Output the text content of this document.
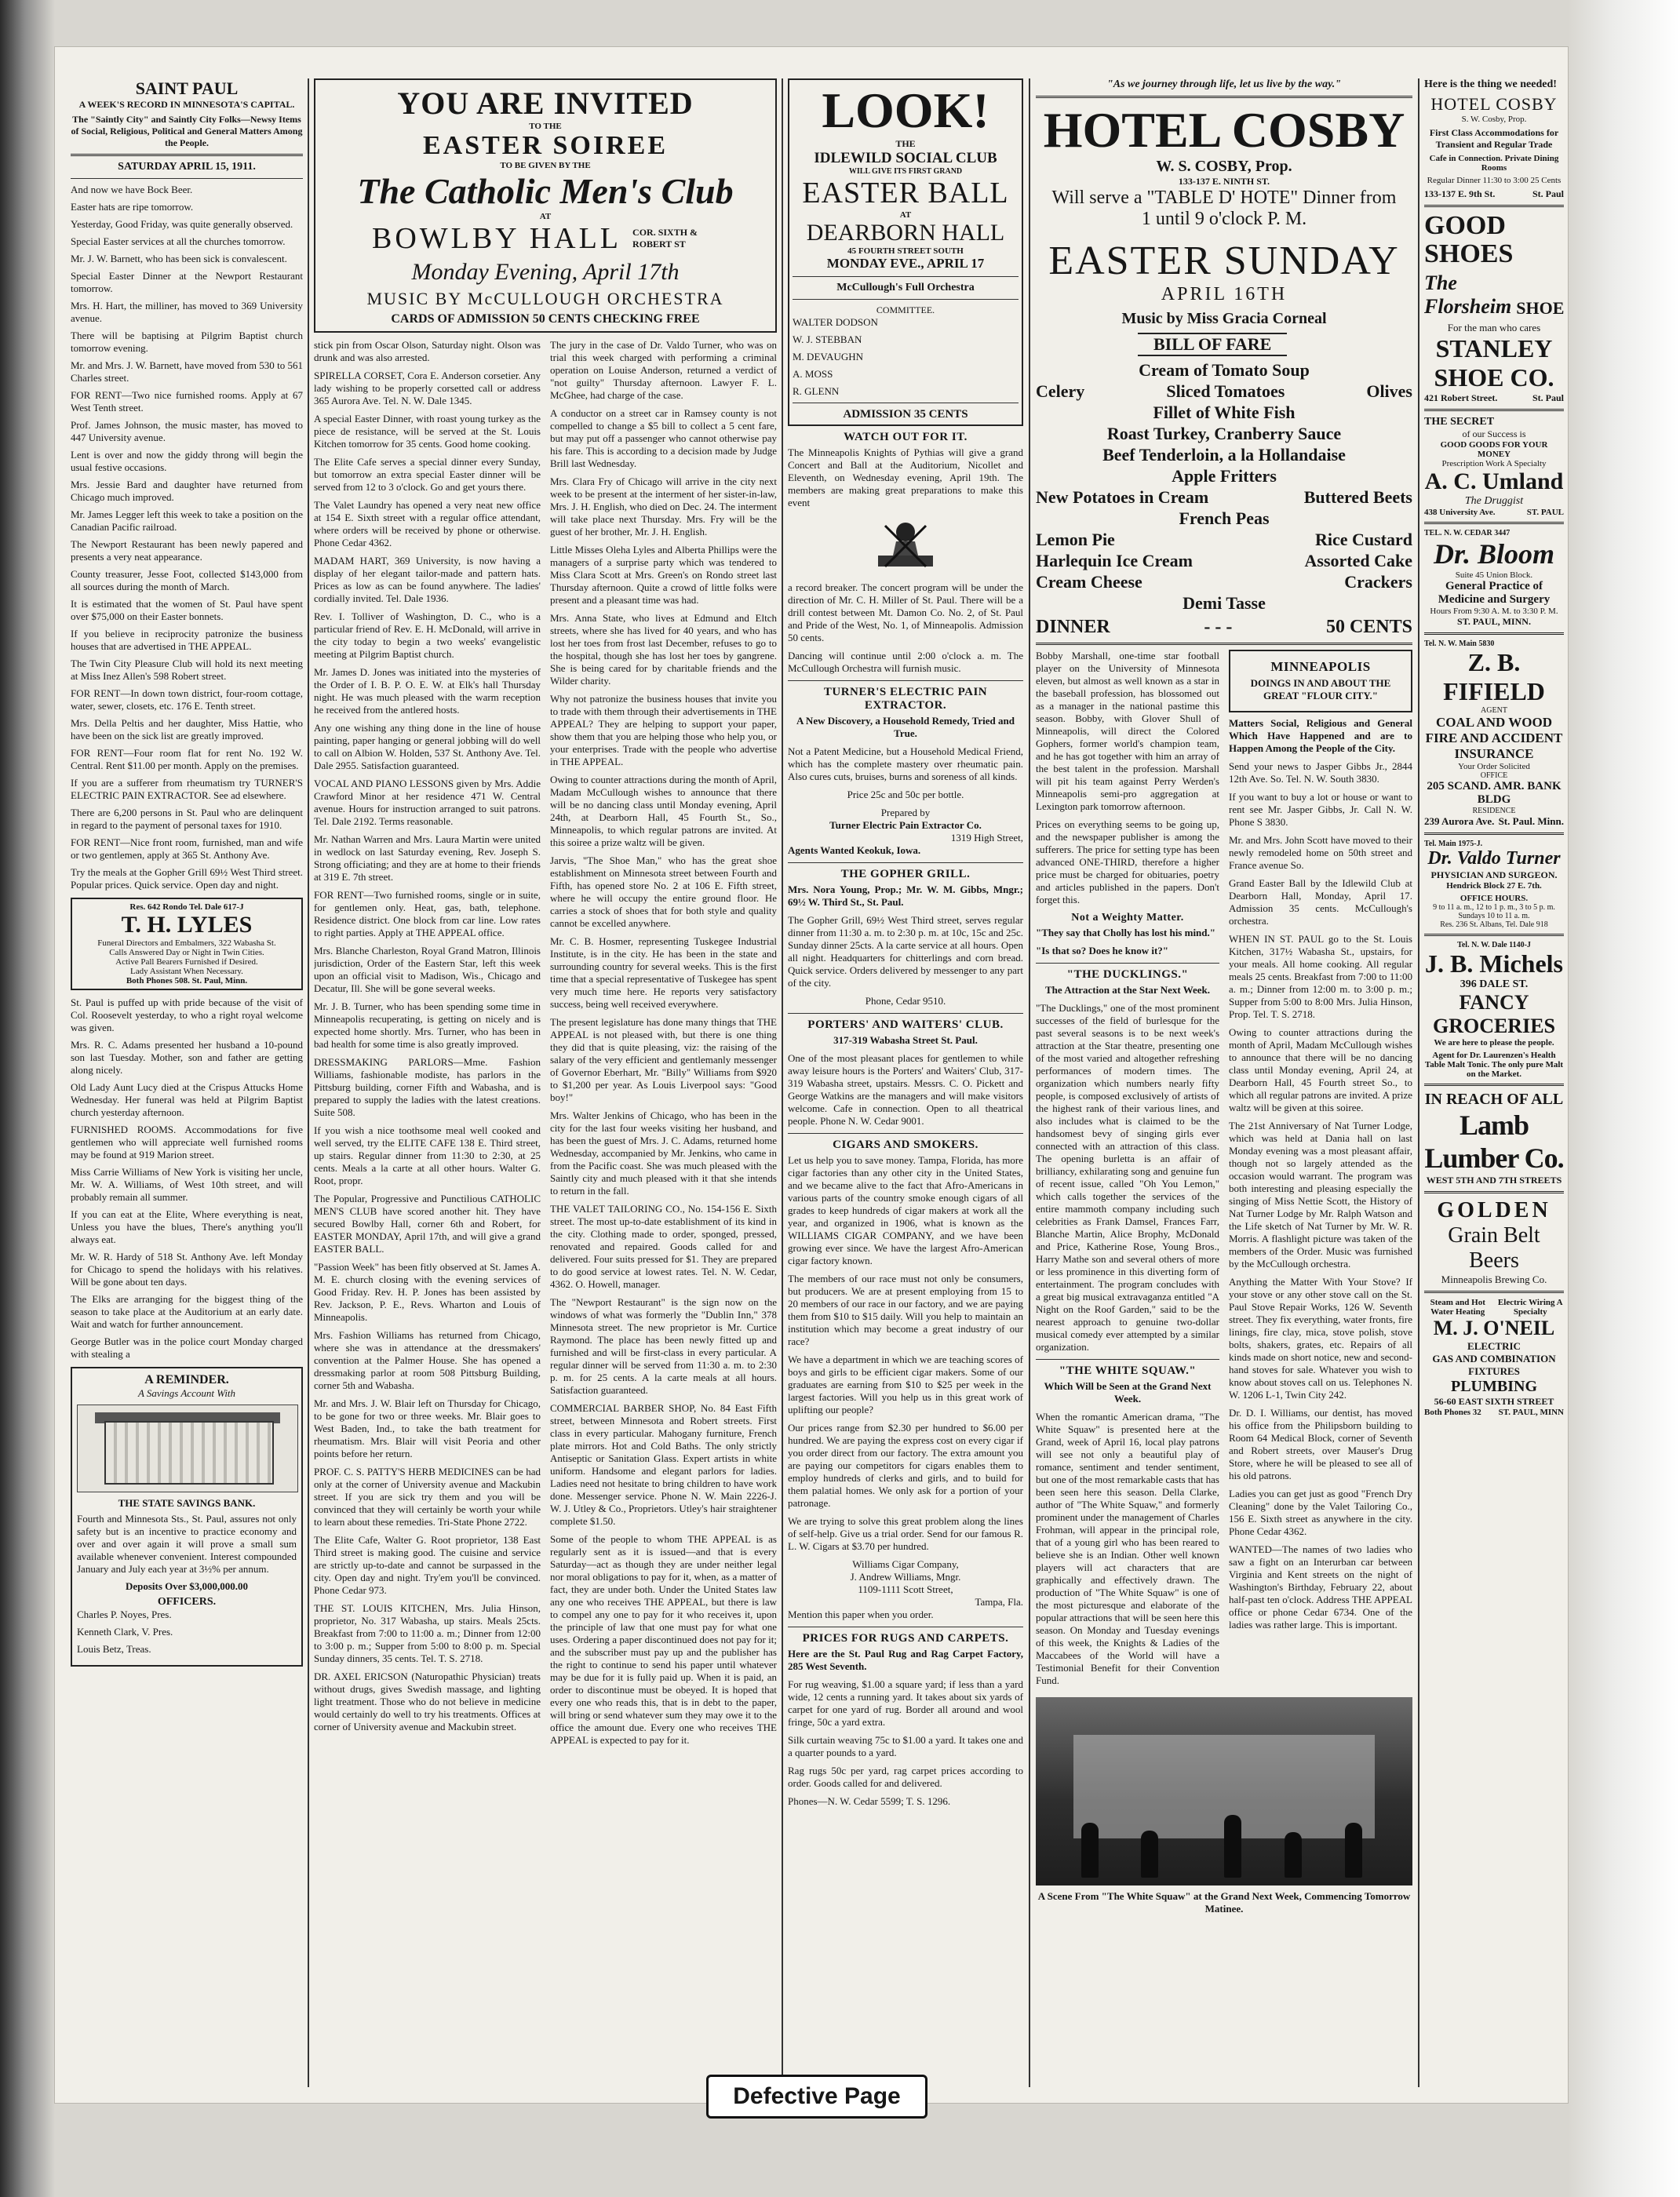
SAINT PAUL
A WEEK'S RECORD IN MINNESOTA'S CAPITAL.
The "Saintly City" and Saintly City Folks—Newsy Items of Social, Religious, Political and General Matters Among the People.
SATURDAY APRIL 15, 1911.
And now we have Bock Beer.
Easter hats are ripe tomorrow.
Yesterday, Good Friday, was quite generally observed.
Special Easter services at all the churches tomorrow.
Mr. J. W. Barnett, who has been sick is convalescent.
Special Easter Dinner at the Newport Restaurant tomorrow.
Mrs. H. Hart, the milliner, has moved to 369 University avenue.
There will be baptising at Pilgrim Baptist church tomorrow evening.
Mr. and Mrs. J. W. Barnett, have moved from 530 to 561 Charles street.
FOR RENT—Two nice furnished rooms. Apply at 67 West Tenth street.
Prof. James Johnson, the music master, has moved to 447 University avenue.
Lent is over and now the giddy throng will begin the usual festive occasions.
Mrs. Jessie Bard and daughter have returned from Chicago much improved.
Mr. James Legger left this week to take a position on the Canadian Pacific railroad.
The Newport Restaurant has been newly papered and presents a very neat appearance.
County treasurer, Jesse Foot, collected $143,000 from all sources during the month of March.
It is estimated that the women of St. Paul have spent over $75,000 on their Easter bonnets.
If you believe in reciprocity patronize the business houses that are advertised in THE APPEAL.
The Twin City Pleasure Club will hold its next meeting at Miss Inez Allen's 598 Robert street.
FOR RENT—In down town district, four-room cottage, water, sewer, closets, etc. 176 E. Tenth street.
Mrs. Della Peltis and her daughter, Miss Hattie, who have been on the sick list are greatly improved.
FOR RENT—Four room flat for rent No. 192 W. Central. Rent $11.00 per month. Apply on the premises.
If you are a sufferer from rheumatism try TURNER'S ELECTRIC PAIN EXTRACTOR. See ad elsewhere.
There are 6,200 persons in St. Paul who are delinquent in regard to the payment of personal taxes for 1910.
FOR RENT—Nice front room, furnished, man and wife or two gentlemen, apply at 365 St. Anthony Ave.
Try the meals at the Gopher Grill 69½ West Third street. Popular prices. Quick service. Open day and night.
Res. 642 Rondo Tel. Dale 617-J
T. H. LYLES
Funeral Directors and Embalmers, 322 Wabasha St.
Calls Answered Day or Night in Twin Cities.
Active Pall Bearers Furnished if Desired.
Lady Assistant When Necessary.
Both Phones 508. St. Paul, Minn.
St. Paul is puffed up with pride because of the visit of Col. Roosevelt yesterday, to who a right royal welcome was given.
Mrs. R. C. Adams presented her husband a 10-pound son last Tuesday. Mother, son and father are getting along nicely.
Old Lady Aunt Lucy died at the Crispus Attucks Home Wednesday. Her funeral was held at Pilgrim Baptist church yesterday afternoon.
FURNISHED ROOMS. Accommodations for five gentlemen who will appreciate well furnished rooms may be found at 919 Marion street.
Miss Carrie Williams of New York is visiting her uncle, Mr. W. A. Williams, of West 10th street, and will probably remain all summer.
If you can eat at the Elite, Where everything is neat, Unless you have the blues, There's anything you'll always eat.
Mr. W. R. Hardy of 518 St. Anthony Ave. left Monday for Chicago to spend the holidays with his relatives. Will be gone about ten days.
The Elks are arranging for the biggest thing of the season to take place at the Auditorium at an early date. Wait and watch for further announcement.
George Butler was in the police court Monday charged with stealing a
A REMINDER.
A Savings Account With
THE STATE SAVINGS BANK.
Fourth and Minnesota Sts., St. Paul, assures not only safety but is an incentive to practice economy and over and over again it will prove a small sum available whenever convenient. Interest compounded January and July each year at 3½% per annum.
Deposits Over $3,000,000.00
OFFICERS.
Charles P. Noyes, Pres.
Kenneth Clark, V. Pres.
Louis Betz, Treas.
YOU ARE INVITED
TO THE
EASTER SOIREE
TO BE GIVEN BY THE
The Catholic Men's Club
AT
BOWLBY HALL COR. SIXTH & ROBERT ST
Monday Evening, April 17th
MUSIC BY McCULLOUGH ORCHESTRA
CARDS OF ADMISSION 50 CENTS CHECKING FREE
stick pin from Oscar Olson, Saturday night. Olson was drunk and was also arrested.
SPIRELLA CORSET, Cora E. Anderson corsetier. Any lady wishing to be properly corsetted call or address 365 Aurora Ave. Tel. N. W. Dale 1345.
A special Easter Dinner, with roast young turkey as the piece de resistance, will be served at the St. Louis Kitchen tomorrow for 35 cents. Good home cooking.
The Elite Cafe serves a special dinner every Sunday, but tomorrow an extra special Easter dinner will be served from 12 to 3 o'clock. Go and get yours there.
The Valet Laundry has opened a very neat new office at 154 E. Sixth street with a regular office attendant, where orders will be received by phone or otherwise. Phone Cedar 4362.
MADAM HART, 369 University, is now having a display of her elegant tailor-made and pattern hats. Prices as low as can be found anywhere. The ladies' cordially invited. Tel. Dale 1936.
Rev. I. Tolliver of Washington, D. C., who is a particular friend of Rev. E. H. McDonald, will arrive in the city today to begin a two weeks' evangelistic meeting at Pilgrim Baptist church.
Mr. James D. Jones was initiated into the mysteries of the Order of I. B. P. O. E. W. at Elk's hall Thursday night. He was much pleased with the warm reception he received from the antlered hosts.
Any one wishing any thing done in the line of house painting, paper hanging or general jobbing will do well to call on Albion W. Holden, 537 St. Anthony Ave. Tel. Dale 2955. Satisfaction guaranteed.
VOCAL AND PIANO LESSONS given by Mrs. Addie Crawford Minor at her residence 471 W. Central avenue. Hours for instruction arranged to suit patrons. Tel. Dale 2192. Terms reasonable.
Mr. Nathan Warren and Mrs. Laura Martin were united in wedlock on last Saturday evening, Rev. Joseph S. Strong officiating; and they are at home to their friends at 319 E. 7th street.
FOR RENT—Two furnished rooms, single or in suite, for gentlemen only. Heat, gas, bath, telephone. Residence district. One block from car line. Low rates to right parties. Apply at THE APPEAL office.
Mrs. Blanche Charleston, Royal Grand Matron, Illinois jurisdiction, Order of the Eastern Star, left this week upon an official visit to Madison, Wis., Chicago and Decatur, Ill. She will be gone several weeks.
Mr. J. B. Turner, who has been spending some time in Minneapolis recuperating, is getting on nicely and is expected home shortly. Mrs. Turner, who has been in bad health for some time is also greatly improved.
DRESSMAKING PARLORS—Mme. Fashion Williams, fashionable modiste, has parlors in the Pittsburg building, corner Fifth and Wabasha, and is prepared to supply the ladies with the latest creations. Suite 508.
If you wish a nice toothsome meal well cooked and well served, try the ELITE CAFE 138 E. Third street, up stairs. Regular dinner from 11:30 to 2:30, at 25 cents. Meals a la carte at all other hours. Walter G. Root, propr.
The Popular, Progressive and Punctilious CATHOLIC MEN'S CLUB have scored another hit. They have secured Bowlby Hall, corner 6th and Robert, for EASTER MONDAY, April 17th, and will give a grand EASTER BALL.
"Passion Week" has been fitly observed at St. James A. M. E. church closing with the evening services of Good Friday. Rev. H. P. Jones has been assisted by Rev. Jackson, P. E., Revs. Wharton and Louis of Minneapolis.
Mrs. Fashion Williams has returned from Chicago, where she was in attendance at the dressmakers' convention at the Palmer House. She has opened a dressmaking parlor at room 508 Pittsburg Building, corner 5th and Wabasha.
Mr. and Mrs. J. W. Blair left on Thursday for Chicago, to be gone for two or three weeks. Mr. Blair goes to West Baden, Ind., to take the bath treatment for rheumatism. Mrs. Blair will visit Peoria and other points before her return.
PROF. C. S. PATTY'S HERB MEDICINES can be had only at the corner of University avenue and Mackubin street. If you are sick try them and you will be convinced that they will certainly be worth your while to learn about these remedies. Tri-State Phone 2722.
The Elite Cafe, Walter G. Root proprietor, 138 East Third street is making good. The cuisine and service are strictly up-to-date and cannot be surpassed in the city. Open day and night. Try'em you'll be convinced. Phone Cedar 973.
THE ST. LOUIS KITCHEN, Mrs. Julia Hinson, proprietor, No. 317 Wabasha, up stairs. Meals 25cts. Breakfast from 7:00 to 11:00 a. m.; Dinner from 12:00 to 3:00 p. m.; Supper from 5:00 to 8:00 p. m. Special Sunday dinners, 35 cents. Tel. T. S. 2718.
DR. AXEL ERICSON (Naturopathic Physician) treats without drugs, gives Swedish massage, and lighting light treatment. Those who do not believe in medicine would certainly do well to try his treatments. Offices at corner of University avenue and Mackubin street.
The jury in the case of Dr. Valdo Turner, who was on trial this week charged with performing a criminal operation on Louise Anderson, returned a verdict of "not guilty" Thursday afternoon. Lawyer F. L. McGhee, had charge of the case.
A conductor on a street car in Ramsey county is not compelled to change a $5 bill to collect a 5 cent fare, but may put off a passenger who cannot otherwise pay his fare. This is according to a decision made by Judge Brill last Wednesday.
Mrs. Clara Fry of Chicago will arrive in the city next week to be present at the interment of her sister-in-law, Mrs. J. H. English, who died on Dec. 24. The interment will take place next Thursday. Mrs. Fry will be the guest of her brother, Mr. J. H. English.
Little Misses Oleha Lyles and Alberta Phillips were the managers of a surprise party which was tendered to Miss Clara Scott at Mrs. Green's on Rondo street last Thursday afternoon. Quite a crowd of little folks were present and a pleasant time was had.
Mrs. Anna State, who lives at Edmund and Eltch streets, where she has lived for 40 years, and who has lost her toes from frost last December, refuses to go to the hospital, though she has lost her toes by gangrene. She is being cared for by charitable friends and the Wilder charity.
Why not patronize the business houses that invite you to trade with them through their advertisements in THE APPEAL? They are helping to support your paper, show them that you are helping those who help you, or your enterprises. Trade with the people who advertise in THE APPEAL.
Owing to counter attractions during the month of April, Madam McCullough wishes to announce that there will be no dancing class until Monday evening, April 24th, at Dearborn Hall, 45 Fourth St., So., Minneapolis, to which regular patrons are invited. At this soiree a prize waltz will be given.
Jarvis, "The Shoe Man," who has the great shoe establishment on Minnesota street between Fourth and Fifth, has opened store No. 2 at 106 E. Fifth street, where he will occupy the entire ground floor. He carries a stock of shoes that for both style and quality cannot be excelled anywhere.
Mr. C. B. Hosmer, representing Tuskegee Industrial Institute, is in the city. He has been in the state and surrounding country for several weeks. This is the first time that a special representative of Tuskegee has spent very much time here. He reports very satisfactory success, being well received everywhere.
The present legislature has done many things that THE APPEAL is not pleased with, but there is one thing they did that is quite pleasing, viz: the raising of the salary of the very efficient and gentlemanly messenger of Governor Eberhart, Mr. "Billy" Williams from $920 to $1,200 per year. As Louis Liverpool says: "Good boy!"
Mrs. Walter Jenkins of Chicago, who has been in the city for the last four weeks visiting her husband, and has been the guest of Mrs. J. C. Adams, returned home Wednesday, accompanied by Mr. Jenkins, who came in from the Pacific coast. She was much pleased with the Saintly city and much pleased with it that she intends to return in the fall.
THE VALET TAILORING CO., No. 154-156 E. Sixth street. The most up-to-date establishment of its kind in the city. Clothing made to order, sponged, pressed, renovated and repaired. Goods called for and delivered. Four suits pressed for $1. They are prepared to do good service at lowest rates. Tel. N. W. Cedar, 4362. O. Howell, manager.
The "Newport Restaurant" is the sign now on the windows of what was formerly the "Dublin Inn," 378 Minnesota street. The new proprietor is Mr. Curtice Raymond. The place has been newly fitted up and furnished and will be first-class in every particular. A regular dinner will be served from 11:30 a. m. to 2:30 p. m. for 25 cents. A la carte meals at all hours. Satisfaction guaranteed.
COMMERCIAL BARBER SHOP, No. 84 East Fifth street, between Minnesota and Robert streets. First class in every particular. Mahogany furniture, French plate mirrors. Hot and Cold Baths. The only strictly Antiseptic or Sanitation Glass. Expert artists in white uniform. Handsome and elegant parlors for ladies. Ladies need not hesitate to bring children to have work done. Messenger service. Phone N. W. Main 2226-J. W. J. Utley & Co., Proprietors. Utley's hair straightener complete $1.50.
Some of the people to whom THE APPEAL is as regularly sent as it is issued—and that is every Saturday—act as though they are under neither legal nor moral obligations to pay for it, when, as a matter of fact, they are under both. Under the United States law any one who receives THE APPEAL, but there is law to compel any one to pay for it who receives it, upon the principle of law that one must pay for what one uses. Ordering a paper discontinued does not pay for it; and the subscriber must pay up and the publisher has the right to continue to send his paper until whatever may be due for it is fully paid up. When it is paid, an order to discontinue must be obeyed. It is hoped that every one who reads this, that is in debt to the paper, will bring or send whatever sum they may owe it to the office the amount due. Every one who receives THE APPEAL is expected to pay for it.
LOOK!
THE
IDLEWILD SOCIAL CLUB
WILL GIVE ITS FIRST GRAND
EASTER BALL
AT
DEARBORN HALL
45 FOURTH STREET SOUTH
MONDAY EVE., APRIL 17
McCullough's Full Orchestra
COMMITTEE.
WALTER DODSON
W. J. STEBBAN
M. DEVAUGHN
A. MOSS
R. GLENN
ADMISSION 35 CENTS
WATCH OUT FOR IT.
The Minneapolis Knights of Pythias will give a grand Concert and Ball at the Auditorium, Nicollet and Eleventh, on Wednesday evening, April 19th. The members are making great preparations to make this event
a record breaker. The concert program will be under the direction of Mr. C. H. Miller of St. Paul. There will be a drill contest between Mt. Damon Co. No. 2, of St. Paul and Pride of the West, No. 1, of Minneapolis. Admission 50 cents.
Dancing will continue until 2:00 o'clock a. m. The McCullough Orchestra will furnish music.
TURNER'S ELECTRIC PAIN EXTRACTOR.
A New Discovery, a Household Remedy, Tried and True.
Not a Patent Medicine, but a Household Medical Friend, which has the complete mastery over rheumatic pain. Also cures cuts, bruises, burns and soreness of all kinds.
Price 25c and 50c per bottle.
Prepared by
Turner Electric Pain Extractor Co.
1319 High Street,
Agents Wanted Keokuk, Iowa.
THE GOPHER GRILL.
Mrs. Nora Young, Prop.; Mr. W. M. Gibbs, Mngr.; 69½ W. Third St., St. Paul.
The Gopher Grill, 69½ West Third street, serves regular dinner from 11:30 a. m. to 2:30 p. m. at 10c, 15c and 25c. Sunday dinner 25cts. A la carte service at all hours. Open all night. Headquarters for chitterlings and corn bread. Quick service. Orders delivered by messenger to any part of the city.
Phone, Cedar 9510.
PORTERS' AND WAITERS' CLUB.
317-319 Wabasha Street St. Paul.
One of the most pleasant places for gentlemen to while away leisure hours is the Porters' and Waiters' Club, 317-319 Wabasha street, upstairs. Messrs. C. O. Pickett and George Watkins are the managers and will make visitors welcome. Cafe in connection. Open to all theatrical people. Phone N. W. Cedar 9001.
CIGARS AND SMOKERS.
Let us help you to save money. Tampa, Florida, has more cigar factories than any other city in the United States, and we became alive to the fact that Afro-Americans in various parts of the country smoke enough cigars of all grades to keep hundreds of cigar makers at work all the year, and organized in 1906, what is known as the WILLIAMS CIGAR COMPANY, and we have been growing ever since. We have the largest Afro-American cigar factory known.
The members of our race must not only be consumers, but producers. We are at present employing from 15 to 20 members of our race in our factory, and we are paying them from $10 to $15 daily. Will you help to maintain an institution which may become a great industry of our race?
We have a department in which we are teaching scores of boys and girls to be efficient cigar makers. Some of our graduates are earning from $10 to $25 per week in the largest factories. Will you help us in this great work of uplifting our people?
Our prices range from $2.30 per hundred to $6.00 per hundred. We are paying the express cost on every cigar if you order direct from our factory. The extra amount you are paying our competitors for cigars enables them to employ hundreds of clerks and girls, and to build for them palatial homes. We only ask for a portion of your patronage.
We are trying to solve this great problem along the lines of self-help. Give us a trial order. Send for our famous R. L. W. Cigars at $3.70 per hundred.
Williams Cigar Company,
J. Andrew Williams, Mngr.
1109-1111 Scott Street,
Tampa, Fla.
Mention this paper when you order.
PRICES FOR RUGS AND CARPETS.
Here are the St. Paul Rug and Rag Carpet Factory, 285 West Seventh.
For rug weaving, $1.00 a square yard; if less than a yard wide, 12 cents a running yard. It takes about six yards of carpet for one yard of rug. Border all around and wool fringe, 50c a yard extra.
Silk curtain weaving 75c to $1.00 a yard. It takes one and a quarter pounds to a yard.
Rag rugs 50c per yard, rag carpet prices according to order. Goods called for and delivered.
Phones—N. W. Cedar 5599; T. S. 1296.
"As we journey through life, let us live by the way."
HOTEL COSBY
W. S. COSBY, Prop.
133-137 E. NINTH ST.
Will serve a "TABLE D' HOTE" Dinner from
1 until 9 o'clock P. M.
EASTER SUNDAY
APRIL 16TH
Music by Miss Gracia Corneal
BILL OF FARE
Cream of Tomato Soup
Celery	Sliced Tomatoes	Olives
Fillet of White Fish
Roast Turkey, Cranberry Sauce
Beef Tenderloin, a la Hollandaise
Apple Fritters
New Potatoes in Cream	Buttered Beets
French Peas
Lemon Pie	Rice Custard
Harlequin Ice Cream	Assorted Cake
Cream Cheese	Crackers
Demi Tasse
DINNER	- - -	50 CENTS
Bobby Marshall, one-time star football player on the University of Minnesota eleven, but almost as well known as a star in the baseball profession, has blossomed out as a manager in the national pastime this season. Bobby, with Glover Shull of Minneapolis, will direct the Colored Gophers, former world's champion team, and he has got together with him an array of the best talent in the profession. Marshall will pit his team against Perry Werden's Minneapolis semi-pro aggregation at Lexington park tomorrow afternoon.
Prices on everything seems to be going up, and the newspaper publisher is among the sufferers. The price for setting type has been advanced ONE-THIRD, therefore a higher price must be charged for obituaries, poetry and articles published in the papers. Don't forget this.
Not a Weighty Matter.
"They say that Cholly has lost his mind."
"Is that so? Does he know it?"
"THE DUCKLINGS."
The Attraction at the Star Next Week.
"The Ducklings," one of the most prominent successes of the field of burlesque for the past several seasons is to be next week's attraction at the Star theatre, presenting one of the most varied and altogether refreshing performances of modern times. The organization which numbers nearly fifty people, is composed exclusively of artists of the highest rank of their various lines, and also includes what is claimed to be the handsomest bevy of singing girls ever connected with an attraction of this class. The opening burletta is an affair of brilliancy, exhilarating song and genuine fun of recent issue, called "Oh You Lemon," which calls together the services of the entire mammoth company including such celebrities as Frank Damsel, Frances Farr, Blanche Martin, Alice Brophy, McDonald and Price, Katherine Rose, Young Bros., Harry Mathe son and several others of more or less prominence in this diverting form of entertainment. The program concludes with a great big musical extravaganza entitled "A Night on the Roof Garden," said to be the nearest approach to genuine two-dollar musical comedy ever attempted by a similar organization.
"THE WHITE SQUAW."
Which Will be Seen at the Grand Next Week.
When the romantic American drama, "The White Squaw" is presented here at the Grand, week of April 16, local play patrons will see not only a beautiful play of romance, sentiment and tender sentiment, but one of the most remarkable casts that has been seen here this season. Della Clarke, author of "The White Squaw," and formerly prominent under the management of Charles Frohman, will appear in the principal role, that of a young girl who has been reared to believe she is an Indian. Other well known players will act characters that are graphically and effectively drawn. The production of "The White Squaw" is one of the most picturesque and elaborate of the popular attractions that will be seen here this season. On Monday and Tuesday evenings of this week, the Knights & Ladies of the Maccabees of the World will have a Testimonial Benefit for their Convention Fund.
MINNEAPOLIS
DOINGS IN AND ABOUT THE GREAT "FLOUR CITY."
Matters Social, Religious and General Which Have Happened and are to Happen Among the People of the City.
Send your news to Jasper Gibbs Jr., 2844 12th Ave. So. Tel. N. W. South 3830.
If you want to buy a lot or house or want to rent see Mr. Jasper Gibbs, Jr. Call N. W. Phone S 3830.
Mr. and Mrs. John Scott have moved to their newly remodeled home on 50th street and France avenue So.
Grand Easter Ball by the Idlewild Club at Dearborn Hall, Monday, April 17. Admission 35 cents. McCullough's orchestra.
WHEN IN ST. PAUL go to the St. Louis Kitchen, 317½ Wabasha St., upstairs, for your meals. All home cooking. All regular meals 25 cents. Breakfast from 7:00 to 11:00 a. m.; Dinner from 12:00 m. to 3:00 p. m.; Supper from 5:00 to 8:00 Mrs. Julia Hinson, Prop. Tel. T. S. 2718.
Owing to counter attractions during the month of April, Madam McCullough wishes to announce that there will be no dancing class until Monday evening, April 24, at Dearborn Hall, 45 Fourth street So., to which all regular patrons are invited. A prize waltz will be given at this soiree.
The 21st Anniversary of Nat Turner Lodge, which was held at Dania hall on last Monday evening was a most pleasant affair, though not so largely attended as the occasion would warrant. The program was both interesting and pleasing especially the singing of Miss Nettie Scott, the History of Nat Turner Lodge by Mr. Ralph Watson and the Life sketch of Nat Turner by Mr. W. R. Morris. A flashlight picture was taken of the members of the Order. Music was furnished by the McCullough orchestra.
Anything the Matter With Your Stove? If your stove or any other stove call on the St. Paul Stove Repair Works, 126 W. Seventh street. They fix everything, water fronts, fire linings, fire clay, mica, stove polish, stove bolts, shakers, grates, etc. Repairs of all kinds made on short notice, new and second-hand stoves for sale. Whatever you wish to know about stoves call on us. Telephones N. W. 1206 L-1, Twin City 242.
Dr. D. I. Williams, our dentist, has moved his office from the Philipsborn building to Room 64 Medical Block, corner of Seventh and Robert streets, over Mauser's Drug Store, where he will be pleased to see all of his old patrons.
Ladies you can get just as good "French Dry Cleaning" done by the Valet Tailoring Co., 156 E. Sixth street as anywhere in the city. Phone Cedar 4362.
WANTED—The names of two ladies who saw a fight on an Interurban car between Virginia and Kent streets on the night of Washington's Birthday, February 22, about half-past ten o'clock. Address THE APPEAL office or phone Cedar 6734. One of the ladies was rather large. This is important.
A Scene From "The White Squaw" at the Grand Next Week, Commencing Tomorrow Matinee.
Here is the thing we needed!
HOTEL COSBY
S. W. Cosby, Prop.
First Class Accommodations for Transient and Regular Trade
Cafe in Connection. Private Dining Rooms
Regular Dinner 11:30 to 3:00 25 Cents
133-137 E. 9th St.	St. Paul
GOOD
SHOES
The Florsheim SHOE
For the man who cares
STANLEY
SHOE CO.
421 Robert Street.	St. Paul
THE SECRET
of our Success is
GOOD GOODS FOR YOUR MONEY
Prescription Work A Specialty
A. C. Umland
The Druggist
438 University Ave.	ST. PAUL
TEL. N. W. CEDAR 3447
Dr. Bloom
Suite 45 Union Block.
General Practice of Medicine and Surgery
Hours From 9:30 A. M. to 3:30 P. M.
ST. PAUL, MINN.
Tel. N. W. Main 5830
Z. B. FIFIELD
AGENT
COAL AND WOOD
FIRE AND ACCIDENT INSURANCE
Your Order Solicited
OFFICE
205 SCAND. AMR. BANK BLDG
RESIDENCE
239 Aurora Ave. St. Paul. Minn.
Tel. Main 1975-J.
Dr. Valdo Turner
PHYSICIAN AND SURGEON.
Hendrick Block 27 E. 7th.
OFFICE HOURS.
9 to 11 a. m., 12 to 1 p. m., 3 to 5 p. m.
Sundays 10 to 11 a. m.
Res. 236 St. Albans, Tel. Dale 918
Tel. N. W. Dale 1140-J
J. B. Michels
396 DALE ST.
FANCY GROCERIES
We are here to please the people.
Agent for Dr. Laurenzen's Health Table Malt Tonic. The only pure Malt on the Market.
IN REACH OF ALL
Lamb Lumber Co.
WEST 5TH AND 7TH STREETS
GOLDEN
Grain Belt Beers
Minneapolis Brewing Co.
Steam and Hot Water Heating
Electric Wiring A Specialty
M. J. O'NEIL
ELECTRIC
GAS AND COMBINATION
FIXTURES
PLUMBING
56-60 EAST SIXTH STREET
Both Phones 32 ST. PAUL, MINN
Defective Page
